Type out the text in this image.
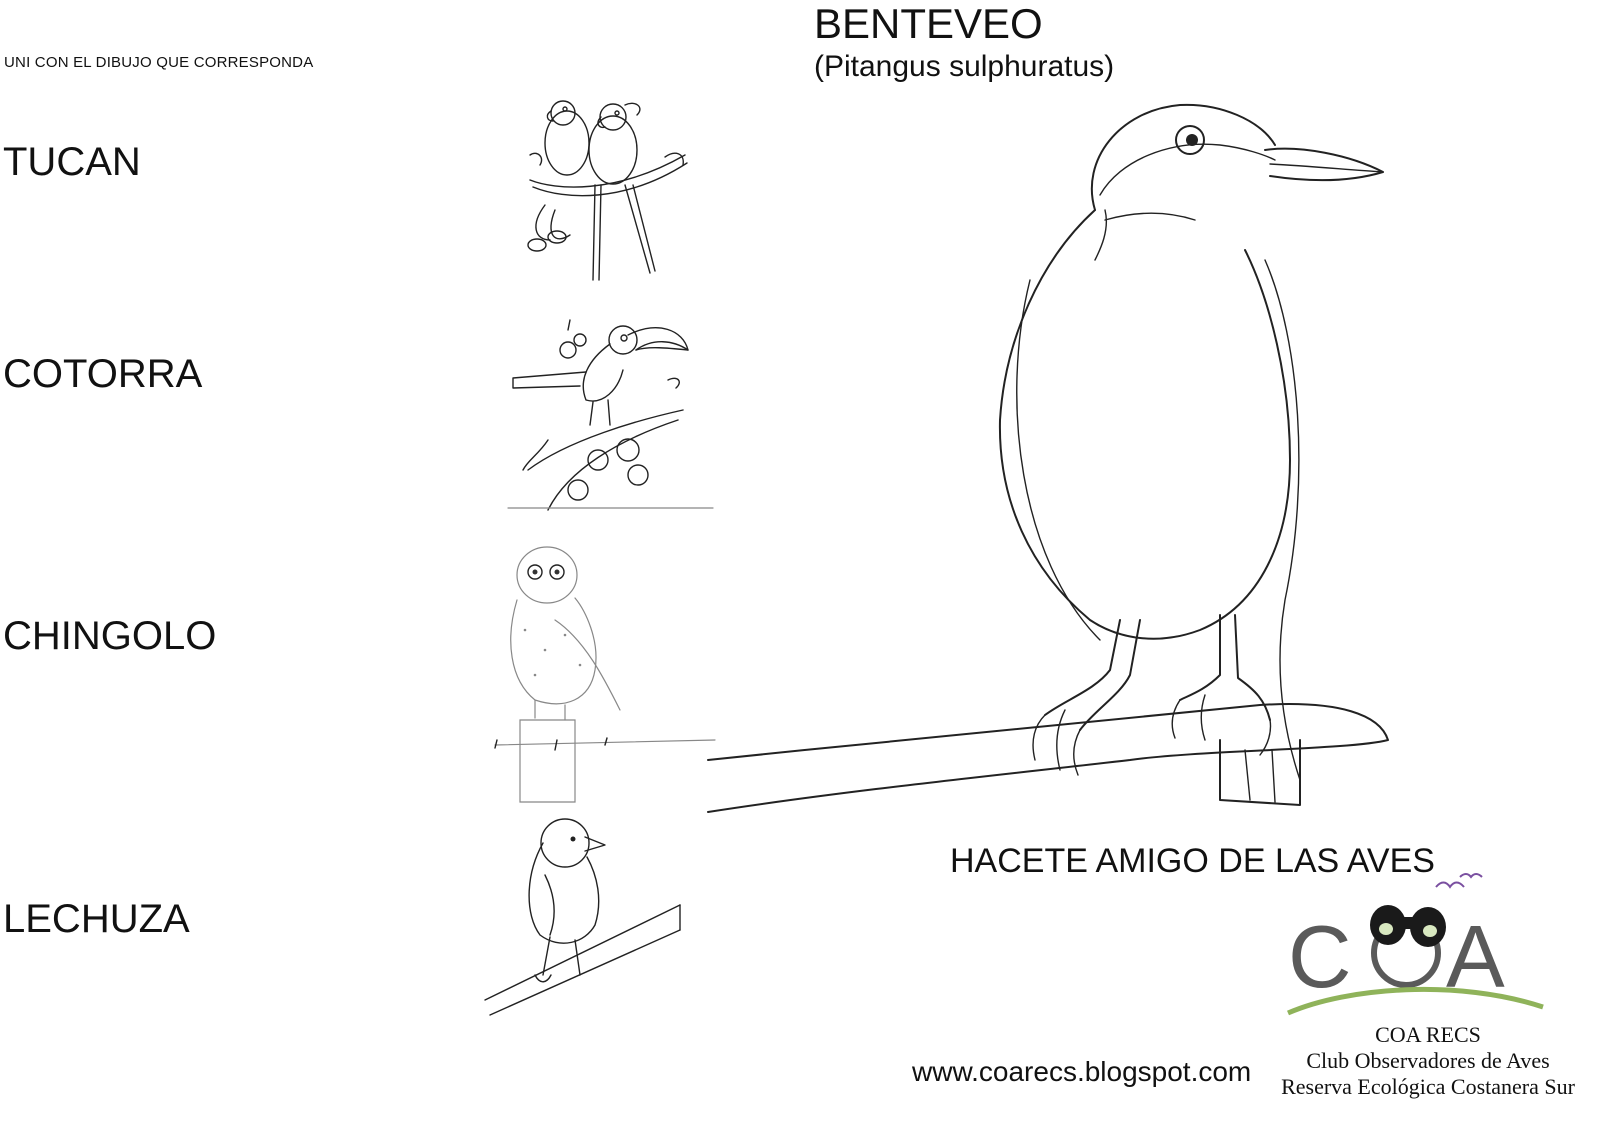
UNI CON EL DIBUJO QUE CORRESPONDA
TUCAN
COTORRA
CHINGOLO
LECHUZA
BENTEVEO
(Pitangus sulphuratus)
HACETE AMIGO DE LAS AVES
www.coarecs.blogspot.com
C A
COA RECS
Club Observadores de Aves
Reserva Ecológica Costanera Sur
